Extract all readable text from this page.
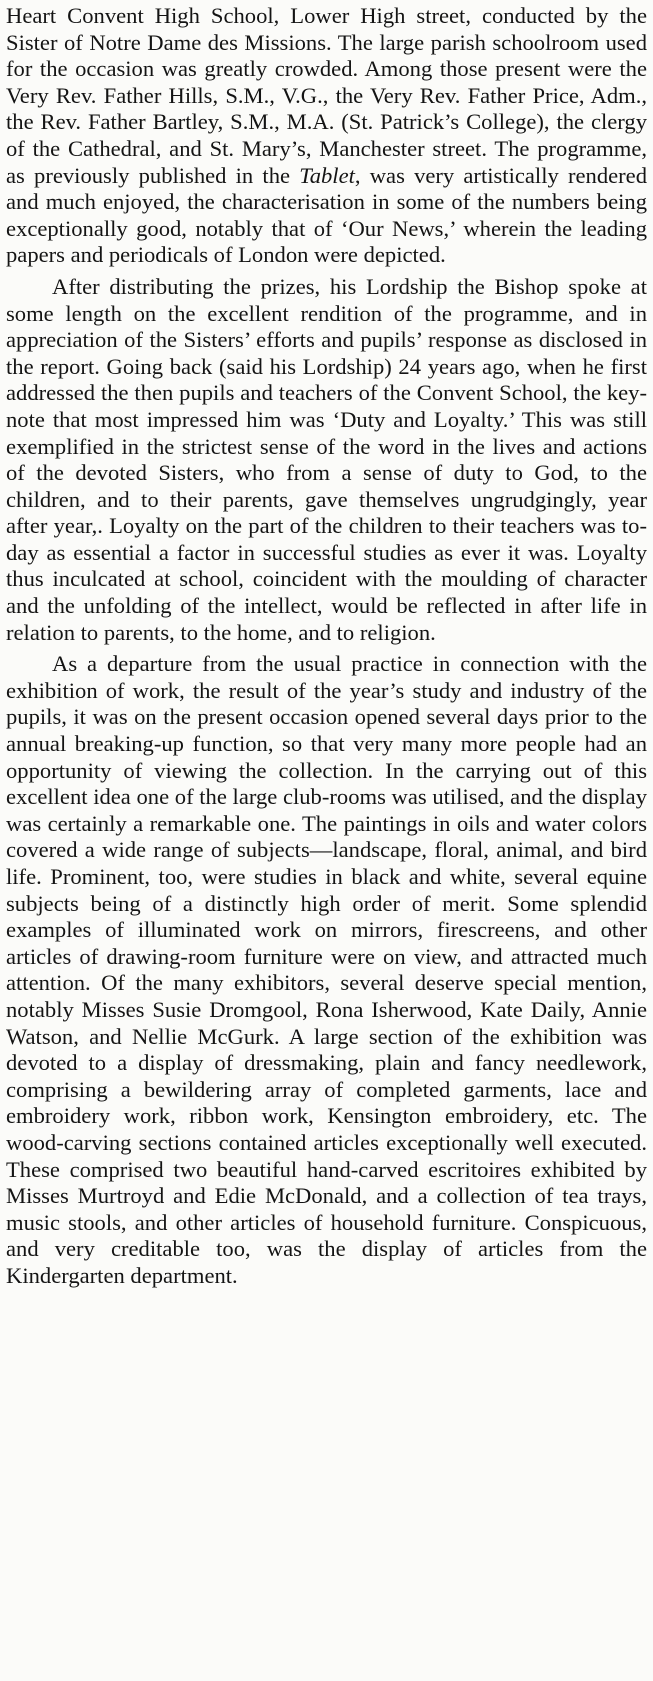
Heart Convent High School, Lower High street, conducted by the Sister of Notre Dame des Missions. The large parish schoolroom used for the occasion was greatly crowded. Among those present were the Very Rev. Father Hills, S.M., V.G., the Very Rev. Father Price, Adm., the Rev. Father Bartley, S.M., M.A. (St. Patrick’s College), the clergy of the Cathedral, and St. Mary’s, Manchester street. The programme, as previously published in the Tablet, was very artistically rendered and much enjoyed, the characterisation in some of the numbers being exceptionally good, notably that of ‘Our News,’ wherein the leading papers and periodicals of London were depicted.

After distributing the prizes, his Lordship the Bishop spoke at some length on the excellent rendition of the programme, and in appreciation of the Sisters’ efforts and pupils’ response as disclosed in the report. Going back (said his Lordship) 24 years ago, when he first addressed the then pupils and teachers of the Convent School, the key-note that most impressed him was ‘Duty and Loyalty.’ This was still exemplified in the strictest sense of the word in the lives and actions of the devoted Sisters, who from a sense of duty to God, to the children, and to their parents, gave themselves ungrudgingly, year after year,. Loyalty on the part of the children to their teachers was to-day as essential a factor in successful studies as ever it was. Loyalty thus inculcated at school, coincident with the moulding of character and the unfolding of the intellect, would be reflected in after life in relation to parents, to the home, and to religion.

As a departure from the usual practice in connection with the exhibition of work, the result of the year’s study and industry of the pupils, it was on the present occasion opened several days prior to the annual breaking-up function, so that very many more people had an opportunity of viewing the collection. In the carrying out of this excellent idea one of the large club-rooms was utilised, and the display was certainly a remarkable one. The paintings in oils and water colors covered a wide range of subjects—landscape, floral, animal, and bird life. Prominent, too, were studies in black and white, several equine subjects being of a distinctly high order of merit. Some splendid examples of illuminated work on mirrors, firescreens, and other articles of drawing-room furniture were on view, and attracted much attention. Of the many exhibitors, several deserve special mention, notably Misses Susie Dromgool, Rona Isherwood, Kate Daily, Annie Watson, and Nellie McGurk. A large section of the exhibition was devoted to a display of dressmaking, plain and fancy needlework, comprising a bewildering array of completed garments, lace and embroidery work, ribbon work, Kensington embroidery, etc. The wood-carving sections contained articles exceptionally well executed. These comprised two beautiful hand-carved escritoires exhibited by Misses Murtroyd and Edie McDonald, and a collection of tea trays, music stools, and other articles of household furniture. Conspicuous, and very creditable too, was the display of articles from the Kindergarten department.
